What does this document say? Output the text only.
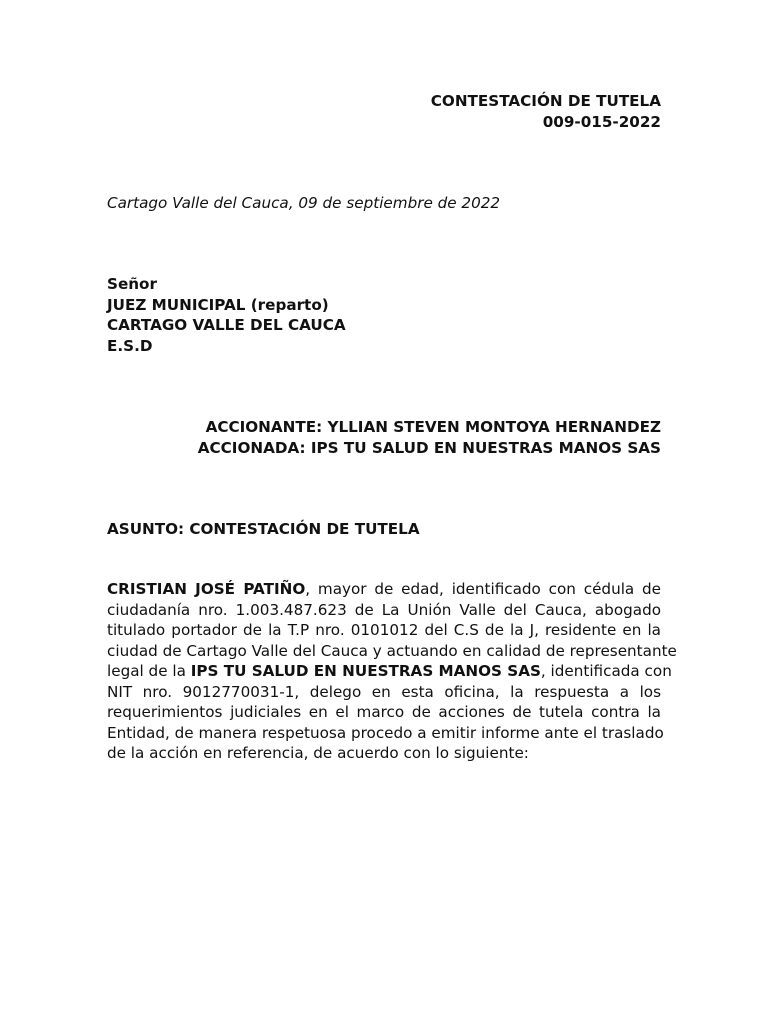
CONTESTACIÓN DE TUTELA
009-015-2022
Cartago Valle del Cauca, 09 de septiembre de 2022
Señor
JUEZ MUNICIPAL (reparto)
CARTAGO VALLE DEL CAUCA
E.S.D
ACCIONANTE: YLLIAN STEVEN MONTOYA HERNANDEZ
ACCIONADA: IPS TU SALUD EN NUESTRAS MANOS SAS
ASUNTO: CONTESTACIÓN DE TUTELA
CRISTIAN JOSÉ PATIÑO, mayor de edad, identificado con cédula de
ciudadanía nro. 1.003.487.623 de La Unión Valle del Cauca, abogado
titulado portador de la T.P nro. 0101012 del C.S de la J, residente en la
ciudad de Cartago Valle del Cauca y actuando en calidad de representante
legal de la IPS TU SALUD EN NUESTRAS MANOS SAS, identificada con
NIT nro. 9012770031-1, delego en esta oficina, la respuesta a los
requerimientos judiciales en el marco de acciones de tutela contra la
Entidad, de manera respetuosa procedo a emitir informe ante el traslado
de la acción en referencia, de acuerdo con lo siguiente:
